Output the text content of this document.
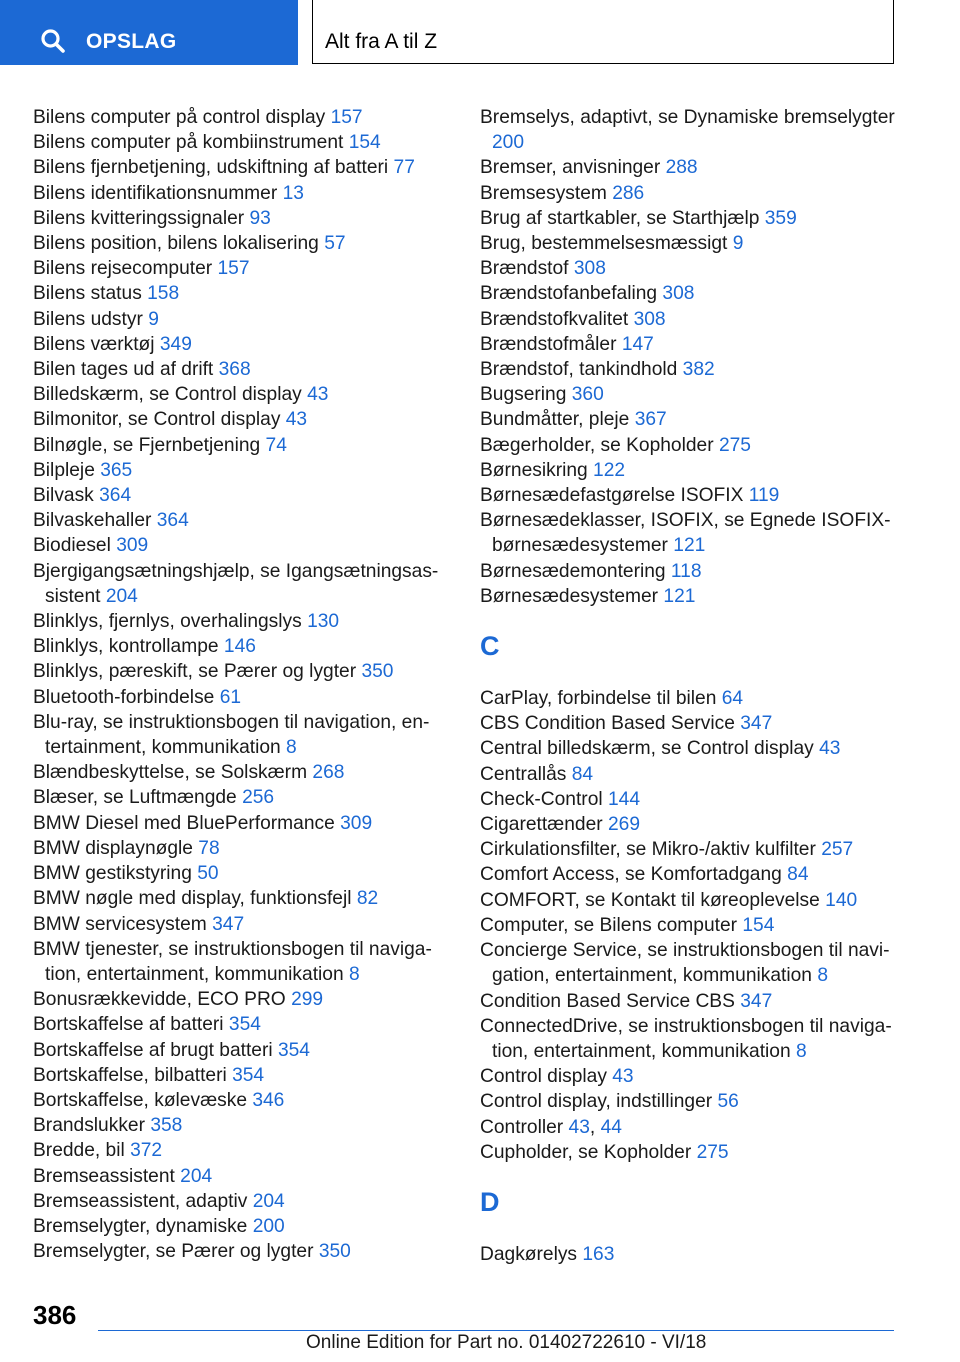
OPSLAG	Alt fra A til Z

Bilens computer på control display 157

Bilens computer på kombiinstrument 154

Bilens fjernbetjening, udskiftning af batteri 77

Bilens identifikationsnummer 13

Bilens kvitteringssignaler 93

Bilens position, bilens lokalisering 57

Bilens rejsecomputer 157

Bilens status 158

Bilens udstyr 9

Bilens værktøj 349

Bilen tages ud af drift 368

Billedskærm, se Control display 43

Bilmonitor, se Control display 43

Bilnøgle, se Fjernbetjening 74

Bilpleje 365

Bilvask 364

Bilvaskehaller 364

Biodiesel 309

Bjergigangsætningshjælp, se Igangsætningsassistent 204

Blinklys, fjernlys, overhalingslys 130

Blinklys, kontrollampe 146

Blinklys, pæreskift, se Pærer og lygter 350

Bluetooth-forbindelse 61

Blu-ray, se instruktionsbogen til navigation, entertainment, kommunikation 8

Blændbeskyttelse, se Solskærm 268

Blæser, se Luftmængde 256

BMW Diesel med BluePerformance 309

BMW displaynøgle 78

BMW gestikstyring 50

BMW nøgle med display, funktionsfejl 82

BMW servicesystem 347

BMW tjenester, se instruktionsbogen til navigation, entertainment, kommunikation 8

Bonusrækkevidde, ECO PRO 299

Bortskaffelse af batteri 354

Bortskaffelse af brugt batteri 354

Bortskaffelse, bilbatteri 354

Bortskaffelse, kølevæske 346

Brandslukker 358

Bredde, bil 372

Bremseassistent 204

Bremseassistent, adaptiv 204

Bremselygter, dynamiske 200

Bremselygter, se Pærer og lygter 350

Bremselys, adaptivt, se Dynamiske bremselygter 200

Bremser, anvisninger 288

Bremsesystem 286

Brug af startkabler, se Starthjælp 359

Brug, bestemmelsesmæssigt 9

Brændstof 308

Brændstofanbefaling 308

Brændstofkvalitet 308

Brændstofmåler 147

Brændstof, tankindhold 382

Bugsering 360

Bundmåtter, pleje 367

Bægerholder, se Kopholder 275

Børnesikring 122

Børnesædefastgørelse ISOFIX 119

Børnesædeklasser, ISOFIX, se Egnede ISOFIX-børnesædesystemer 121

Børnesædemontering 118

Børnesædesystemer 121

C

CarPlay, forbindelse til bilen 64

CBS Condition Based Service 347

Central billedskærm, se Control display 43

Centrallås 84

Check-Control 144

Cigarettænder 269

Cirkulationsfilter, se Mikro-/aktiv kulfilter 257

Comfort Access, se Komfortadgang 84

COMFORT, se Kontakt til køreoplevelse 140

Computer, se Bilens computer 154

Concierge Service, se instruktionsbogen til navigation, entertainment, kommunikation 8

Condition Based Service CBS 347

ConnectedDrive, se instruktionsbogen til navigation, entertainment, kommunikation 8

Control display 43

Control display, indstillinger 56

Controller 43, 44

Cupholder, se Kopholder 275

D

Dagkørelys 163

386
Online Edition for Part no. 01402722610 - VI/18
